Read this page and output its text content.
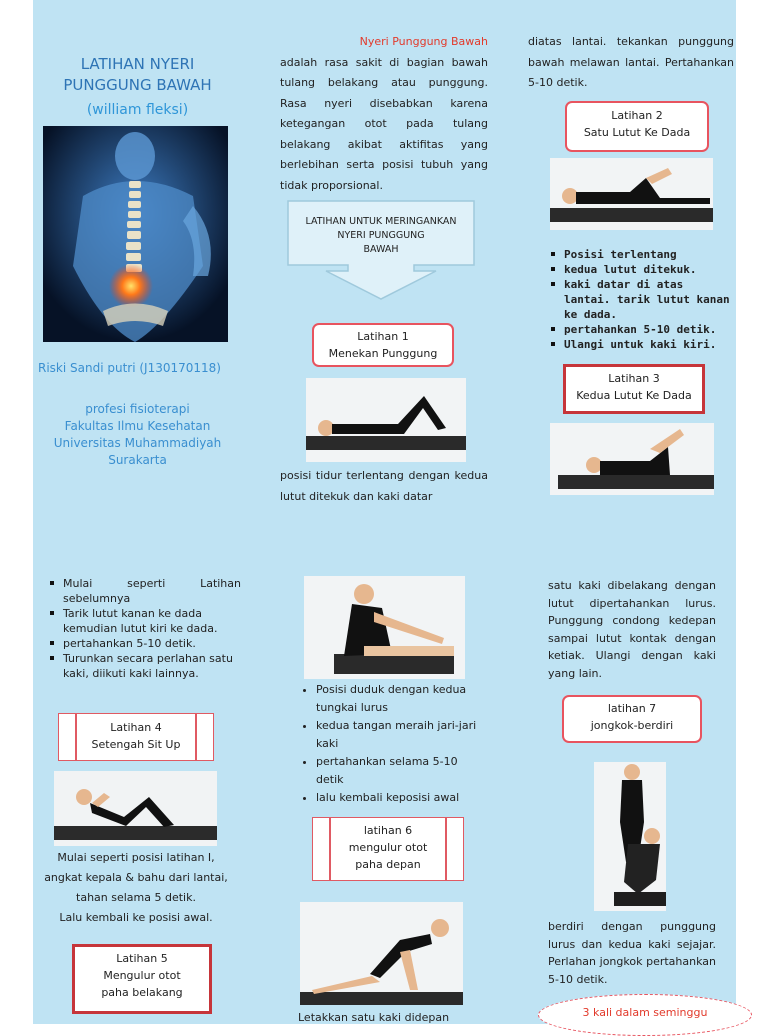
LATIHAN NYERI
PUNGGUNG BAWAH
(william fleksi)
Riski Sandi putri (J130170118)
profesi fisioterapi
Fakultas Ilmu Kesehatan
Universitas Muhammadiyah
Surakarta
Mulai seperti Latihan sebelumnya
Tarik lutut kanan ke dada kemudian lutut kiri ke dada.
pertahankan 5-10 detik.
Turunkan secara perlahan satu kaki, diikuti kaki lainnya.
Latihan 4
Setengah Sit Up
Mulai seperti posisi latihan I,
angkat kepala & bahu dari lantai,
tahan selama 5 detik.
Lalu kembali ke posisi awal.
Latihan 5
Mengulur otot
paha belakang
Nyeri Punggung Bawah adalah rasa sakit di bagian bawah tulang belakang atau punggung. Rasa nyeri disebabkan karena ketegangan otot pada tulang belakang akibat aktifitas yang berlebihan serta posisi tubuh yang tidak proporsional.
LATIHAN UNTUK MERINGANKAN
NYERI PUNGGUNG
BAWAH
Latihan 1
Menekan Punggung
posisi tidur terlentang dengan kedua lutut ditekuk dan kaki datar
• Posisi duduk dengan kedua tungkai lurus
• kedua tangan meraih jari-jari kaki
• pertahankan selama 5-10 detik
• lalu kembali keposisi awal
latihan 6
mengulur otot
paha depan
Letakkan satu kaki didepan
diatas lantai. tekankan punggung bawah melawan lantai. Pertahankan 5-10 detik.
Latihan 2
Satu Lutut Ke Dada
Posisi terlentang
kedua lutut ditekuk.
kaki datar di atas lantai. tarik lutut kanan ke dada.
pertahankan 5-10 detik.
Ulangi untuk kaki kiri.
Latihan 3
Kedua Lutut Ke Dada
satu kaki dibelakang dengan lutut dipertahankan lurus. Punggung condong kedepan sampai lutut kontak dengan ketiak. Ulangi dengan kaki yang lain.
latihan 7
jongkok-berdiri
berdiri dengan punggung lurus dan kedua kaki sejajar. Perlahan jongkok pertahankan 5-10 detik.
3 kali dalam seminggu
